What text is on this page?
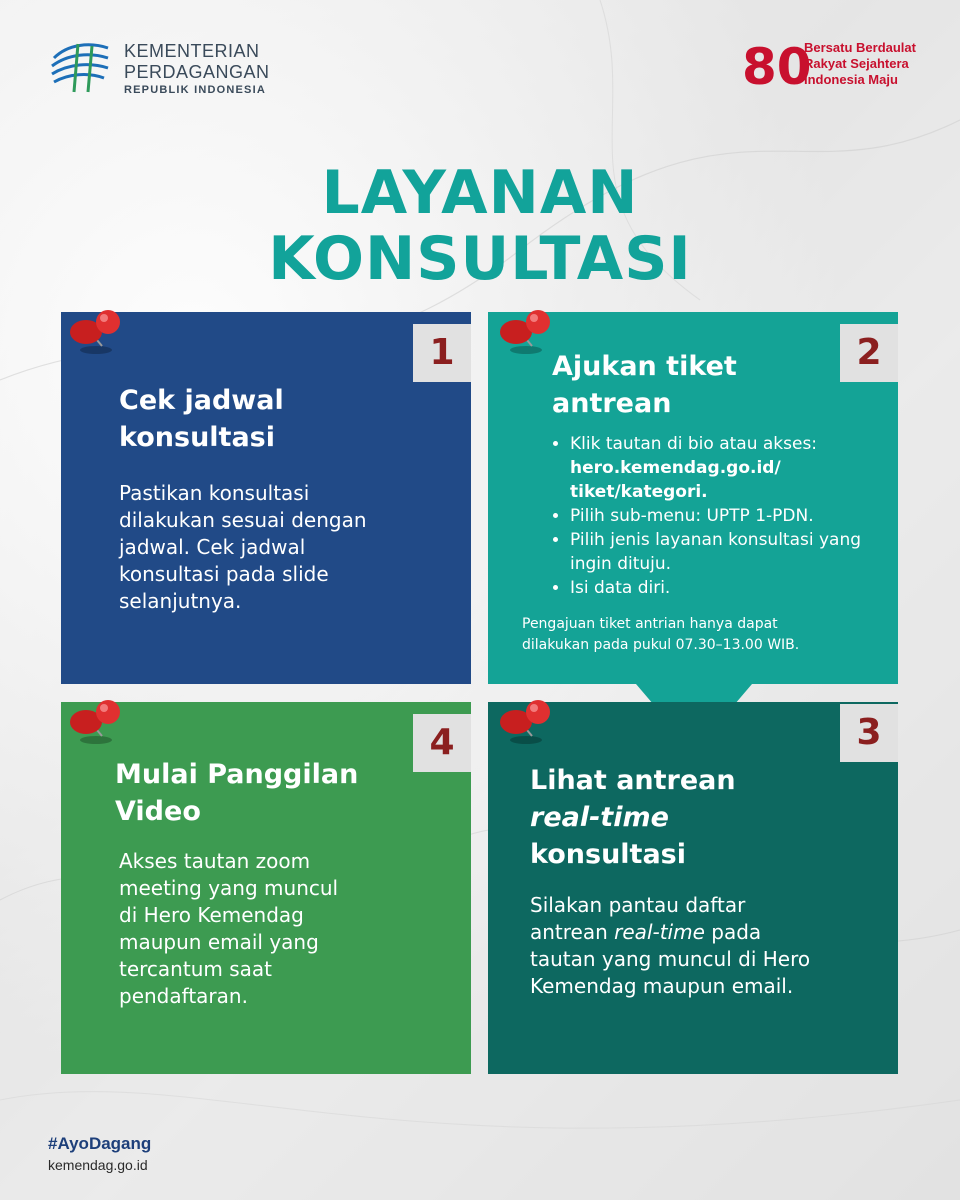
KEMENTERIAN
PERDAGANGAN
REPUBLIK INDONESIA	80
Bersatu Berdaulat
Rakyat Sejahtera
Indonesia Maju
LAYANAN
KONSULTASI
1
Cek jadwal
konsultasi
Pastikan konsultasi
dilakukan sesuai dengan
jadwal. Cek jadwal
konsultasi pada slide
selanjutnya.
2
Ajukan tiket
antrean
• Klik tautan di bio atau akses: hero.kemendag.go.id/ tiket/kategori.
• Pilih sub-menu: UPTP 1-PDN.
• Pilih jenis layanan konsultasi yang ingin dituju.
• Isi data diri.
Pengajuan tiket antrian hanya dapat
dilakukan pada pukul 07.30–13.00 WIB.
4
Mulai Panggilan
Video
Akses tautan zoom
meeting yang muncul
di Hero Kemendag
maupun email yang
tercantum saat
pendaftaran.
3
Lihat antrean
real-time
konsultasi
Silakan pantau daftar
antrean real-time pada
tautan yang muncul di Hero
Kemendag maupun email.
#AyoDagang
kemendag.go.id
